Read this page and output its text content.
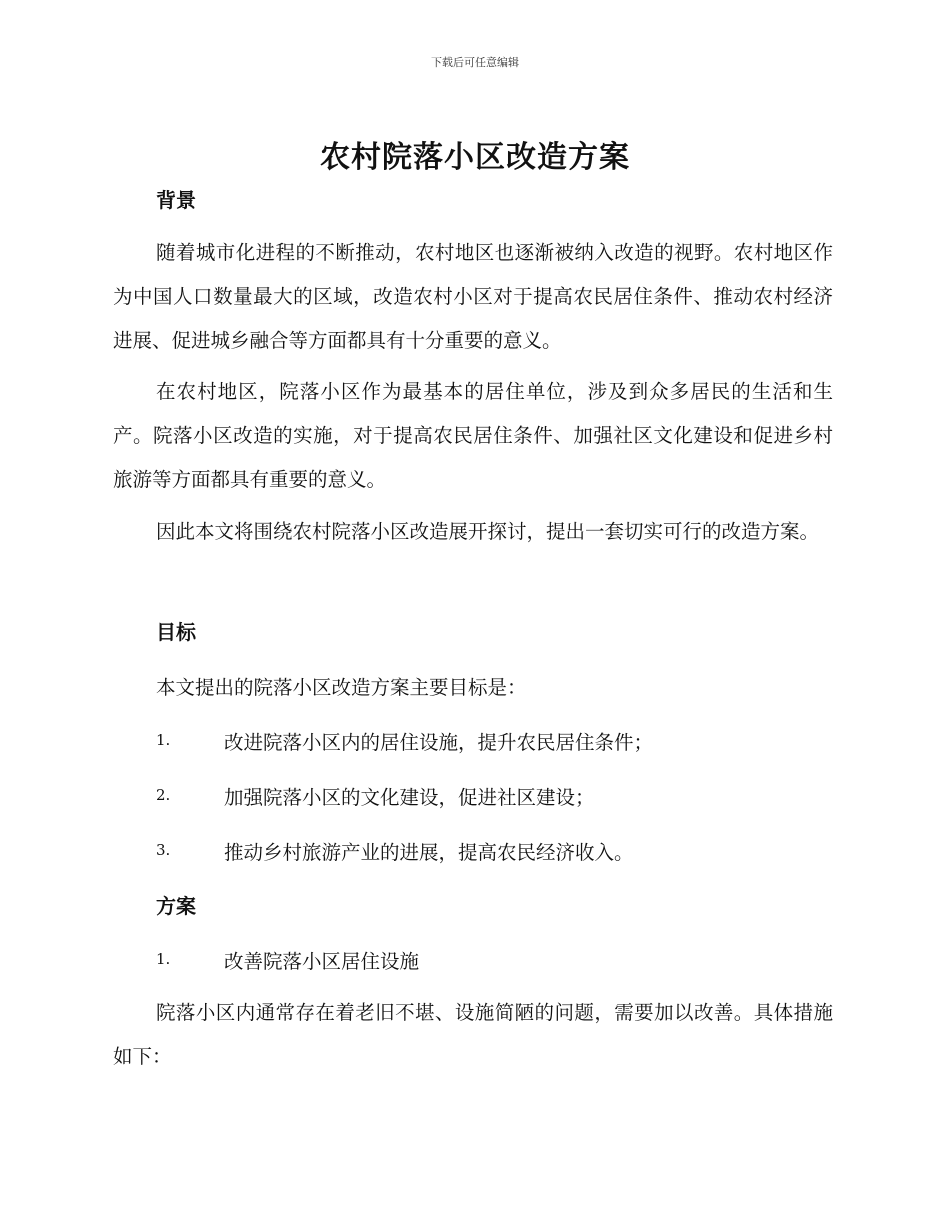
下载后可任意编辑
农村院落小区改造方案
背景
随着城市化进程的不断推动，农村地区也逐渐被纳入改造的视野。农村地区作为中国人口数量最大的区域，改造农村小区对于提高农民居住条件、推动农村经济进展、促进城乡融合等方面都具有十分重要的意义。
在农村地区，院落小区作为最基本的居住单位，涉及到众多居民的生活和生产。院落小区改造的实施，对于提高农民居住条件、加强社区文化建设和促进乡村旅游等方面都具有重要的意义。
因此本文将围绕农村院落小区改造展开探讨，提出一套切实可行的改造方案。
目标
本文提出的院落小区改造方案主要目标是：
1.	改进院落小区内的居住设施，提升农民居住条件；
2.	加强院落小区的文化建设，促进社区建设；
3.	推动乡村旅游产业的进展，提高农民经济收入。
方案
1.	改善院落小区居住设施
院落小区内通常存在着老旧不堪、设施简陋的问题，需要加以改善。具体措施如下：
